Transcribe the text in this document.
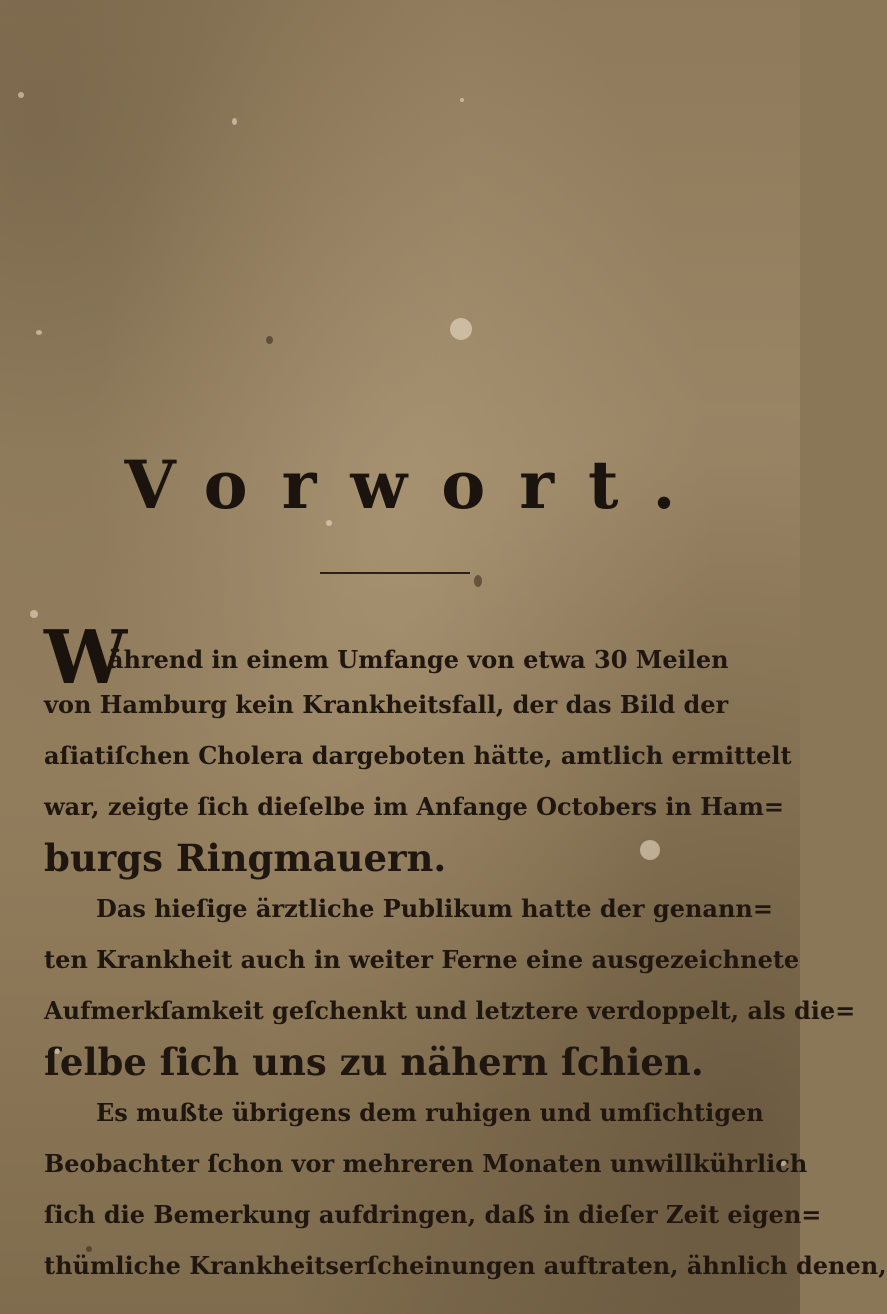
Vorwort.
W
ährend in einem Umfange von etwa 30 Meilen
von Hamburg kein Krankheitsfall, der das Bild der
aſiatiſchen Cholera dargeboten hätte, amtlich ermittelt
war, zeigte ſich dieſelbe im Anfange Octobers in Ham=
burgs Ringmauern.
Das hieſige ärztliche Publikum hatte der genann=
ten Krankheit auch in weiter Ferne eine ausgezeichnete
Aufmerkſamkeit geſchenkt und letztere verdoppelt, als die=
ſelbe ſich uns zu nähern ſchien.
Es mußte übrigens dem ruhigen und umſichtigen
Beobachter ſchon vor mehreren Monaten unwillkührlich
ſich die Bemerkung aufdringen, daß in dieſer Zeit eigen=
thümliche Krankheitserſcheinungen auftraten, ähnlich denen,
